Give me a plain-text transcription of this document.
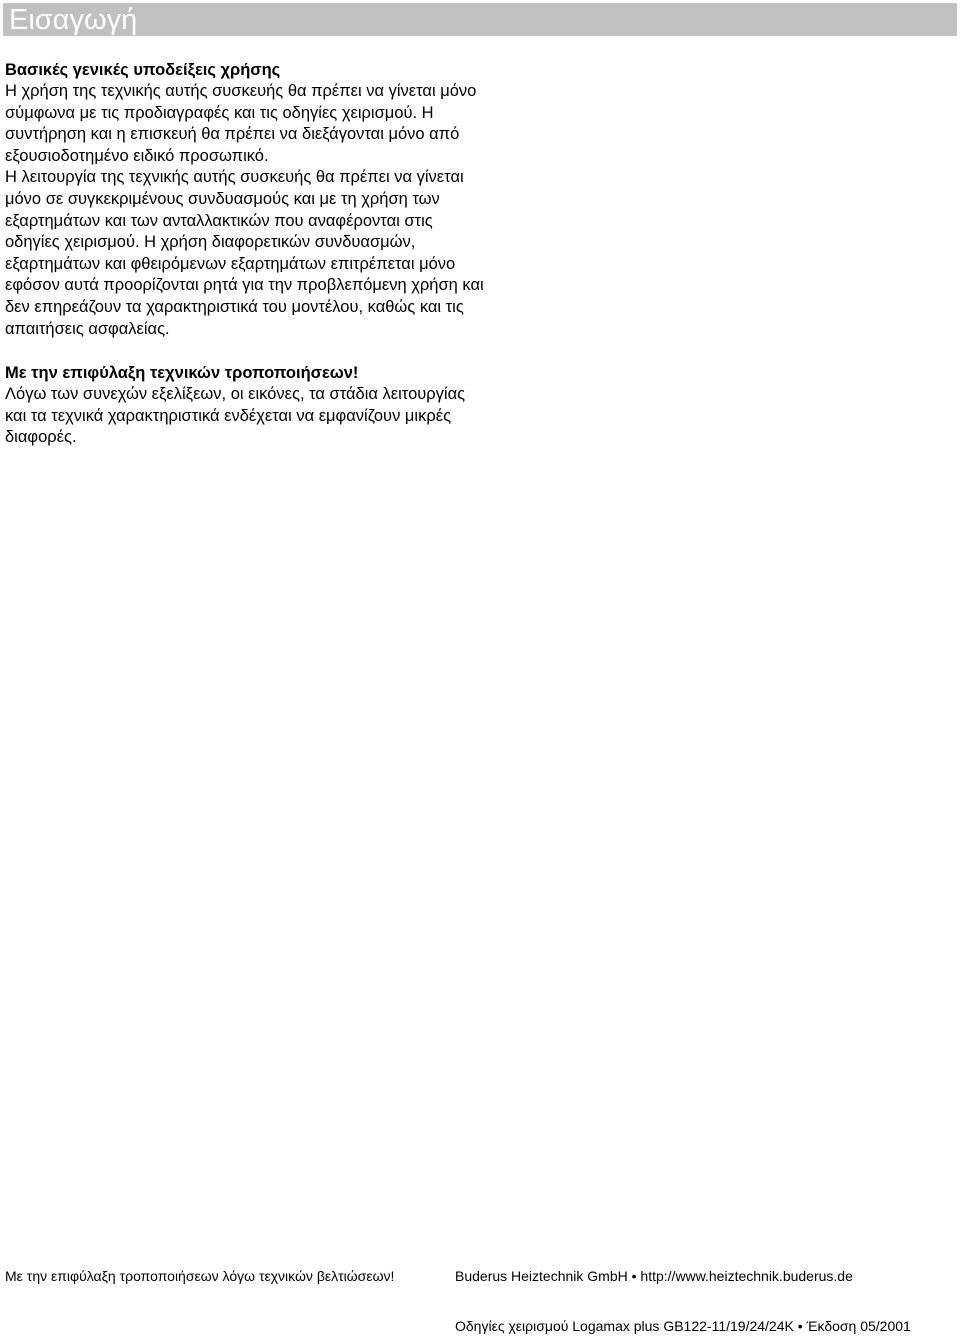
Εισαγωγή

Βασικές γενικές υποδείξεις χρήσης

Η χρήση της τεχνικής αυτής συσκευής θα πρέπει να γίνεται μόνο σύμφωνα με τις προδιαγραφές και τις οδηγίες χειρισμού. Η συντήρηση και η επισκευή θα πρέπει να διεξάγονται μόνο από εξουσιοδοτημένο ειδικό προσωπικό.

Η λειτουργία της τεχνικής αυτής συσκευής θα πρέπει να γίνεται μόνο σε συγκεκριμένους συνδυασμούς και με τη χρήση των εξαρτημάτων και των ανταλλακτικών που αναφέρονται στις οδηγίες χειρισμού. Η χρήση διαφορετικών συνδυασμών, εξαρτημάτων και φθειρόμενων εξαρτημάτων επιτρέπεται μόνο εφόσον αυτά προορίζονται ρητά για την προβλεπόμενη χρήση και δεν επηρεάζουν τα χαρακτηριστικά του μοντέλου, καθώς και τις απαιτήσεις ασφαλείας.

Με την επιφύλαξη τεχνικών τροποποιήσεων!

Λόγω των συνεχών εξελίξεων, οι εικόνες, τα στάδια λειτουργίας και τα τεχνικά χαρακτηριστικά ενδέχεται να εμφανίζουν μικρές διαφορές.

Με την επιφύλαξη τροποποιήσεων λόγω τεχνικών βελτιώσεων!	Buderus Heiztechnik GmbH • http://www.heiztechnik.buderus.de
Οδηγίες χειρισμού Logamax plus GB122-11/19/24/24K • Έκδοση 05/2001
